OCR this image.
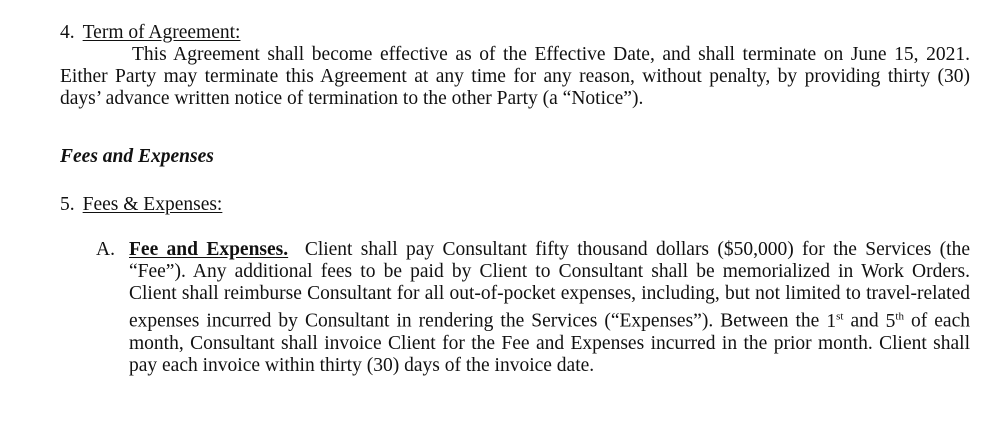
4. Term of Agreement:
This Agreement shall become effective as of the Effective Date, and shall terminate on June 15, 2021. Either Party may terminate this Agreement at any time for any reason, without penalty, by providing thirty (30) days’ advance written notice of termination to the other Party (a “Notice”).
Fees and Expenses
5. Fees & Expenses:
A. Fee and Expenses. Client shall pay Consultant fifty thousand dollars ($50,000) for the Services (the “Fee”). Any additional fees to be paid by Client to Consultant shall be memorialized in Work Orders. Client shall reimburse Consultant for all out-of-pocket expenses, including, but not limited to travel-related expenses incurred by Consultant in rendering the Services (“Expenses”). Between the 1st and 5th of each month, Consultant shall invoice Client for the Fee and Expenses incurred in the prior month. Client shall pay each invoice within thirty (30) days of the invoice date.
